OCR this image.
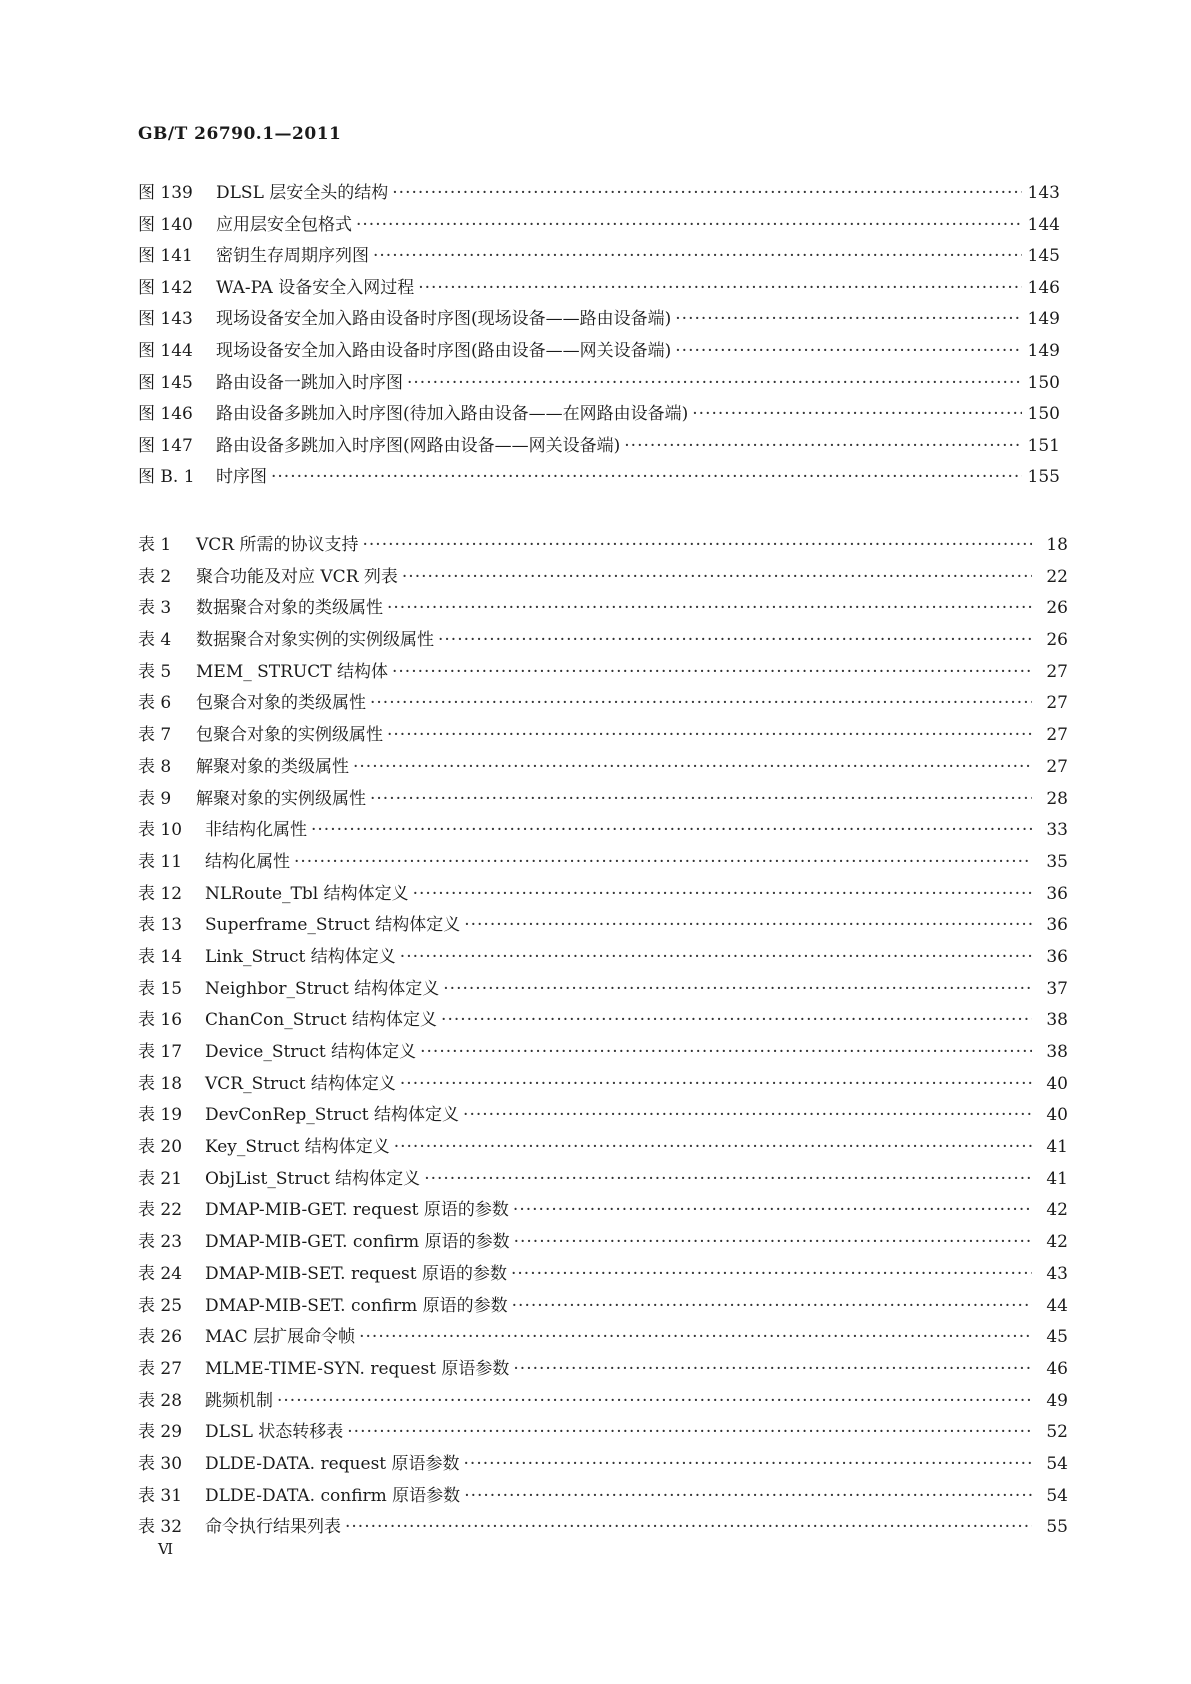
GB/T 26790.1—2011
图 139	DLSL 层安全头的结构 ·····	143
图 140	应用层安全包格式 ·····	144
图 141	密钥生存周期序列图 ·····	145
图 142	WA-PA 设备安全入网过程 ·····	146
图 143	现场设备安全加入路由设备时序图(现场设备——路由设备端) ·····	149
图 144	现场设备安全加入路由设备时序图(路由设备——网关设备端) ·····	149
图 145	路由设备一跳加入时序图 ·····	150
图 146	路由设备多跳加入时序图(待加入路由设备——在网路由设备端) ·····	150
图 147	路由设备多跳加入时序图(网路由设备——网关设备端) ·····	151
图 B. 1	时序图 ·····	155
表 1	VCR 所需的协议支持 ·····	18
表 2	聚合功能及对应 VCR 列表 ·····	22
表 3	数据聚合对象的类级属性 ·····	26
表 4	数据聚合对象实例的实例级属性 ·····	26
表 5	MEM_ STRUCT 结构体 ·····	27
表 6	包聚合对象的类级属性 ·····	27
表 7	包聚合对象的实例级属性 ·····	27
表 8	解聚对象的类级属性 ·····	27
表 9	解聚对象的实例级属性 ·····	28
表 10	非结构化属性 ·····	33
表 11	结构化属性 ·····	35
表 12	NLRoute_Tbl 结构体定义 ·····	36
表 13	Superframe_Struct 结构体定义 ·····	36
表 14	Link_Struct 结构体定义 ·····	36
表 15	Neighbor_Struct 结构体定义 ·····	37
表 16	ChanCon_Struct 结构体定义 ·····	38
表 17	Device_Struct 结构体定义 ·····	38
表 18	VCR_Struct 结构体定义 ·····	40
表 19	DevConRep_Struct 结构体定义 ·····	40
表 20	Key_Struct 结构体定义 ·····	41
表 21	ObjList_Struct 结构体定义 ·····	41
表 22	DMAP-MIB-GET. request 原语的参数 ·····	42
表 23	DMAP-MIB-GET. confirm 原语的参数 ·····	42
表 24	DMAP-MIB-SET. request 原语的参数 ·····	43
表 25	DMAP-MIB-SET. confirm 原语的参数 ·····	44
表 26	MAC 层扩展命令帧 ·····	45
表 27	MLME-TIME-SYN. request 原语参数 ·····	46
表 28	跳频机制 ·····	49
表 29	DLSL 状态转移表 ·····	52
表 30	DLDE-DATA. request 原语参数 ·····	54
表 31	DLDE-DATA. confirm 原语参数 ·····	54
表 32	命令执行结果列表 ·····	55
Ⅵ
